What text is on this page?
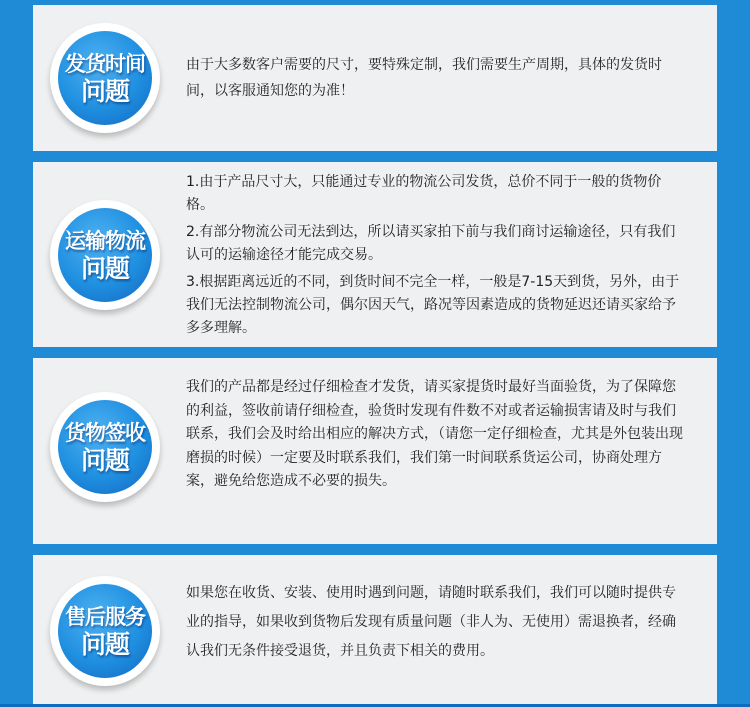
发货时间
问题

由于大多数客户需要的尺寸，要特殊定制，我们需要生产周期，具体的发货时间，以客服通知您的为准！

运输物流
问题

1.由于产品尺寸大，只能通过专业的物流公司发货，总价不同于一般的货物价格。

2.有部分物流公司无法到达，所以请买家拍下前与我们商讨运输途径，只有我们认可的运输途径才能完成交易。

3.根据距离远近的不同，到货时间不完全一样，一般是7-15天到货，另外，由于我们无法控制物流公司，偶尔因天气，路况等因素造成的货物延迟还请买家给予多多理解。

货物签收
问题

我们的产品都是经过仔细检查才发货，请买家提货时最好当面验货，为了保障您的利益，签收前请仔细检查，验货时发现有件数不对或者运输损害请及时与我们联系，我们会及时给出相应的解决方式，（请您一定仔细检查，尤其是外包装出现磨损的时候）一定要及时联系我们，我们第一时间联系货运公司，协商处理方案，避免给您造成不必要的损失。

售后服务
问题

如果您在收货、安装、使用时遇到问题，请随时联系我们，我们可以随时提供专业的指导，如果收到货物后发现有质量问题（非人为、无使用）需退换者，经确认我们无条件接受退货，并且负责下相关的费用。
